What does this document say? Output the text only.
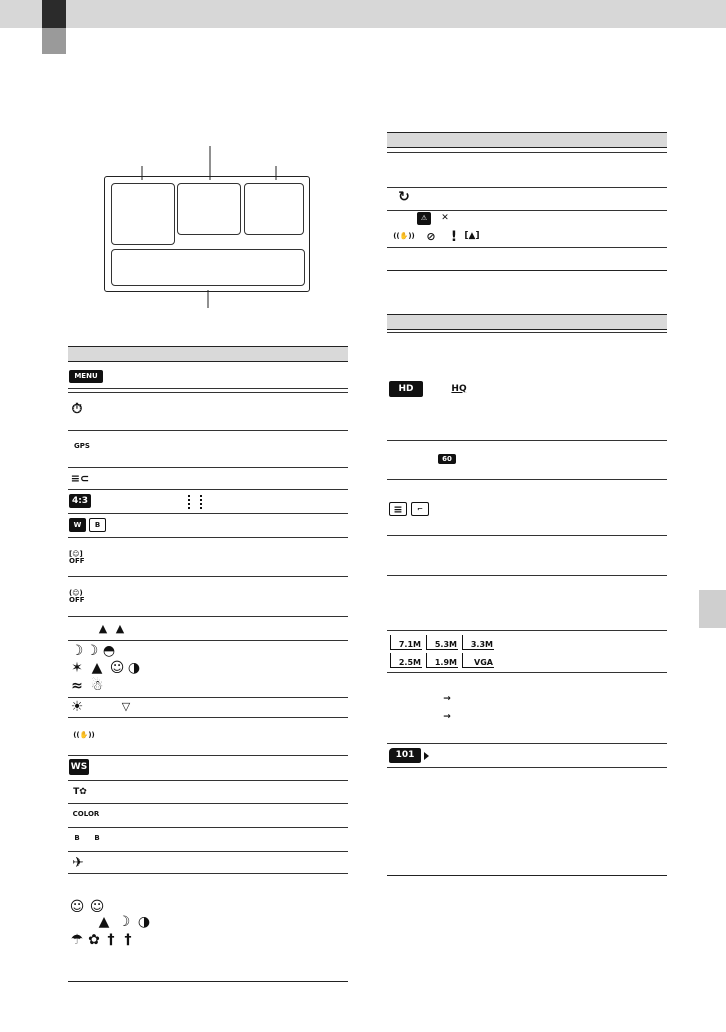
MENU
⏱
GPS
≡⊂
4:3
W	B
[☺] OFF
(☺) OFF
▲ ▲
☽ ☽ ◓
✶ ▲ ☺ ◑
≈ ☃
☀	▽
((✋))
WS
T✿
COLOR
B	B
✈
☺ ☺
▲ ☽ ◑
☂ ✿ † †
↻
⚠	✕
((✋))	⊘ ! [▲]
HD	HQ
60
≡	⌐
7.1M	5.3M	3.3M
2.5M	1.9M	VGA
→
→
101
